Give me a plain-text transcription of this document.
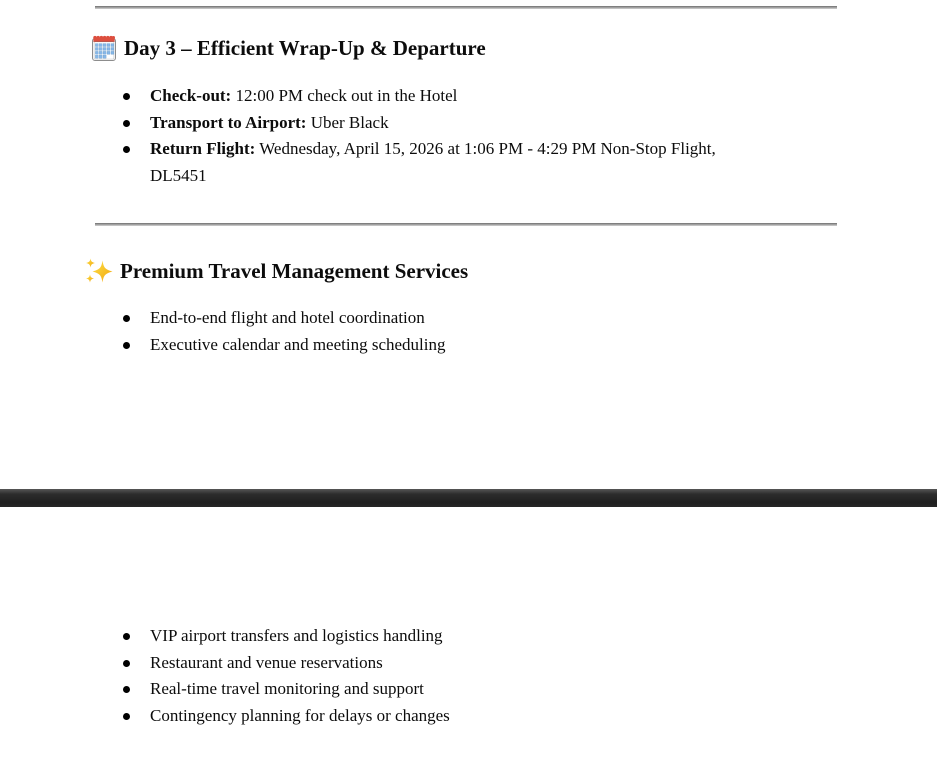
Day 3 – Efficient Wrap-Up & Departure
Check-out: 12:00 PM check out in the Hotel
Transport to Airport: Uber Black
Return Flight: Wednesday, April 15, 2026 at 1:06 PM - 4:29 PM Non-Stop Flight,
DL5451
Premium Travel Management Services
End-to-end flight and hotel coordination
Executive calendar and meeting scheduling
VIP airport transfers and logistics handling
Restaurant and venue reservations
Real-time travel monitoring and support
Contingency planning for delays or changes
